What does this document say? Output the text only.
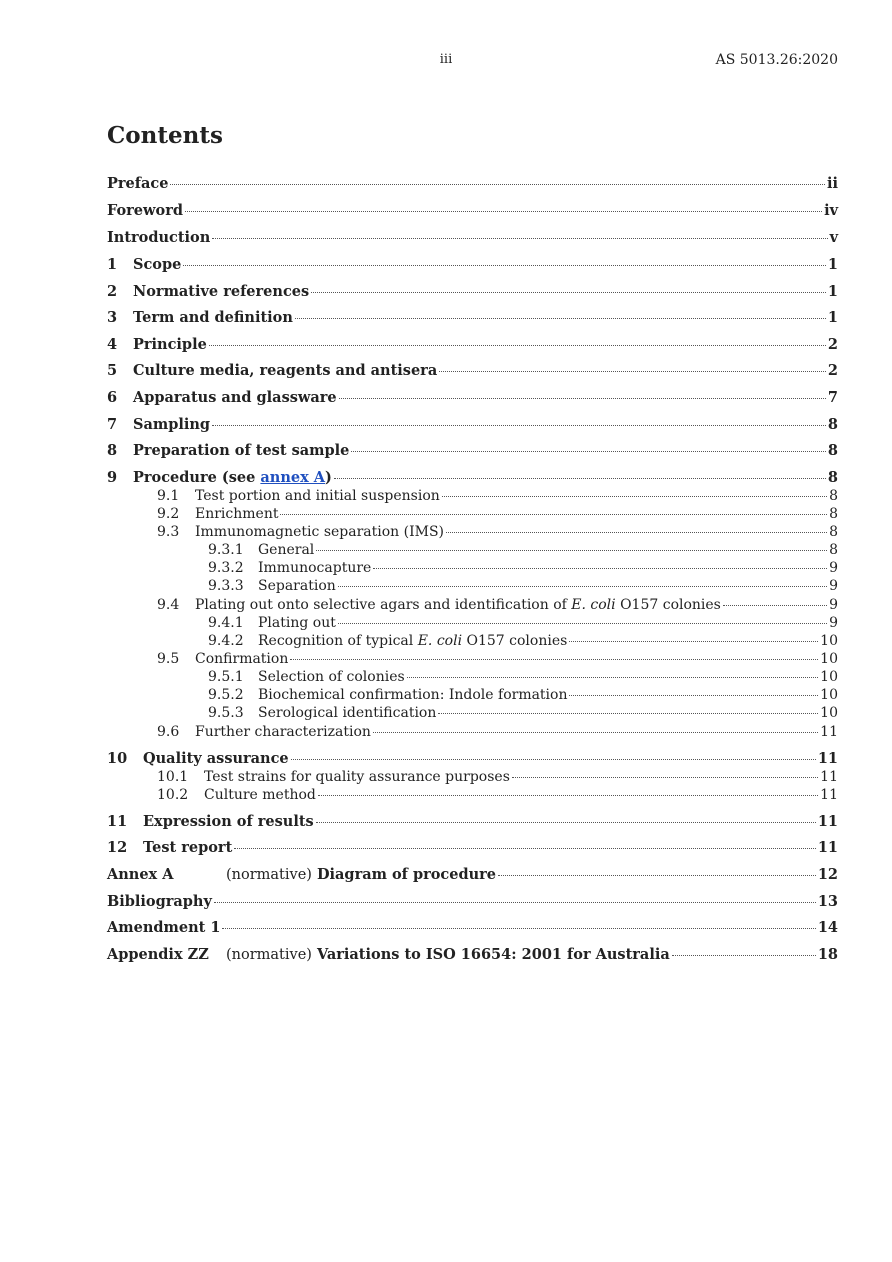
iii	AS 5013.26:2020
Contents
Preface	ii
Foreword	iv
Introduction	v
1	Scope	1
2	Normative references	1
3	Term and definition	1
4	Principle	2
5	Culture media, reagents and antisera	2
6	Apparatus and glassware	7
7	Sampling	8
8	Preparation of test sample	8
9	Procedure (see annex A)	8
9.1	Test portion and initial suspension	8
9.2	Enrichment	8
9.3	Immunomagnetic separation (IMS)	8
9.3.1	General	8
9.3.2	Immunocapture	9
9.3.3	Separation	9
9.4	Plating out onto selective agars and identification of E. coli O157 colonies	9
9.4.1	Plating out	9
9.4.2	Recognition of typical E. coli O157 colonies	10
9.5	Confirmation	10
9.5.1	Selection of colonies	10
9.5.2	Biochemical confirmation: Indole formation	10
9.5.3	Serological identification	10
9.6	Further characterization	11
10	Quality assurance	11
10.1	Test strains for quality assurance purposes	11
10.2	Culture method	11
11	Expression of results	11
12	Test report	11
Annex A	(normative) Diagram of procedure	12
Bibliography	13
Amendment 1	14
Appendix ZZ	(normative) Variations to ISO 16654: 2001 for Australia	18
